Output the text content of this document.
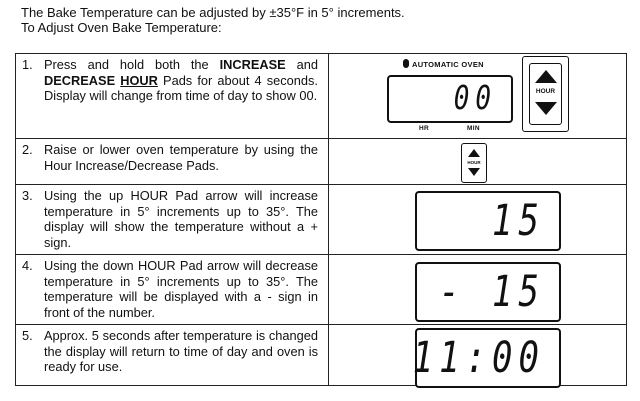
The Bake Temperature can be adjusted by ±35°F in 5° increments.
To Adjust Oven Bake Temperature:
1. Press and hold both the INCREASE and DECREASE HOUR Pads for about 4 seconds. Display will change from time of day to show 00.
AUTOMATIC OVEN
00
HR	MIN
HOUR
2. Raise or lower oven temperature by using the Hour Increase/Decrease Pads.	HOUR
3. Using the up HOUR Pad arrow will increase temperature in 5° increments up to 35°. The display will show the temperature without a + sign.	15
4. Using the down HOUR Pad arrow will decrease temperature in 5° increments up to 35°. The temperature will be displayed with a - sign in front of the number.	- 15
5. Approx. 5 seconds after temperature is changed the display will return to time of day and oven is ready for use.	11:00
